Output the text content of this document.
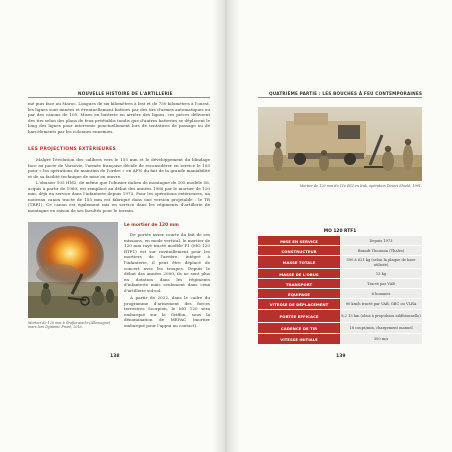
NOUVELLE HISTOIRE DE L'ARTILLERIE

mé puis face au Maroc. Longues de six kilomètres à lest et de 750 kilomètres à l'ouest, les lignes sont minées et éventuellement battues par des tirs d'armes automatiques ou par des canons de 105. Mises en batterie en arrière des lignes, ces pièces délivrent des tirs selon des plans de feux préétablis tandis que d'autres batteries se déplacent le long des lignes pour intervenir ponctuellement lors de tentatives de passage ou de harcèlements par les colonnes ennemies.

LES PROJECTIONS EXTÉRIEURES

Malgré l'évolution des calibres vers le 155 mm et le développement du blindage face au pacte de Varsovie, l'armée française décide de reconsidérer en service le 105 pour « les opérations de maintien de l'ordre » en AFN du fait de la grande maniabilité et de sa facilité technique de mise en œuvre.

L'obusier 105 HM2, de même que l'obusier italien de montagne de 105 modèle 56, acquis à partir de 1960, est remplacé au début des années 1980 par le mortier de 120 mm, déjà en service dans l'infanterie depuis 1973. Pour les opérations extérieures, un nouveau canon tracté de 155 mm est fabriqué dans une version projetable : le TR (TRF1). Ce canon est également mis en service dans les régiments d'artillerie de montagne en raison de ses facultés pour le terrain.

Mortier de 120 mm à Grafenwoehr (Allemagne) mars lors Dynamic Front, 2016.

Le mortier de 120 mm

De portée assez courte du fait de ses missions, en mode vertical, le mortier de 120 mm rayé tracté modèle F1 (MO 120 RTF1) est sur ravitaillement pour les mortiers de l'arrière, intégré à l'infanterie, il peut être déplacé de concert avec les troupes. Depuis le début des années 2000, ils ne sont plus en dotation dans les régiments d'infanterie mais seulement dans ceux d'artillerie sol-sol.

À partir de 2022, dans le cadre du programme d'armement des forces terrestres Scorpion, le MO 120 sera embarqué sur le Griffon, sous la dénomination de MEPAC (mortier embarqué pour l'appui au contact).

138
QUATRIÈME PARTIE : LES BOUCHES À FEU CONTEMPORAINES

Mortier de 120 mm du 11e RCI en Irak, opération Desert Shield, 1991.

139
MO 120 RTF1
MISE EN SERVICE	Depuis 1973
CONSTRUCTEUR	Brandt Thomson (Thales)
MASSE TOTALE	590 à 621 kg (selon la plaque de base utilisée)
MASSE DE L'OBUS	13 kg
TRANSPORT	Tracté par VAB
ÉQUIPAGE	6 hommes
VITESSE DE DÉPLACEMENT	90 km/h tracté par VAB, GBC ou VLRA
PORTÉE EFFICACE	8,2 13 km (obus à propulsion additionnelle)
CADENCE DE TIR	18 coups/min, chargement manuel
VITESSE INITIALE	350 m/s
